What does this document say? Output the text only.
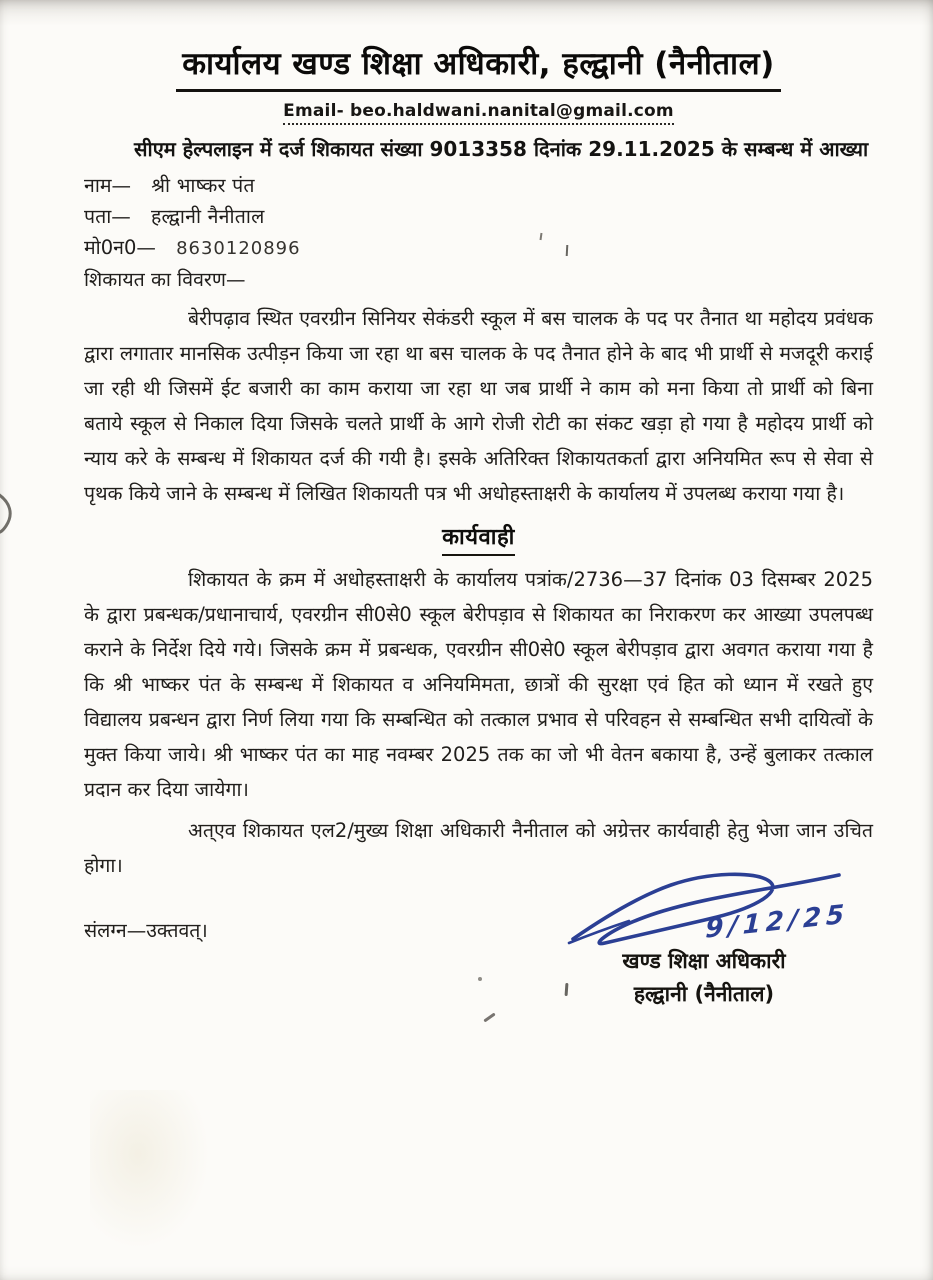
कार्यालय खण्ड शिक्षा अधिकारी, हल्द्वानी (नैनीताल)
Email- beo.haldwani.nanital@gmail.com
सीएम हेल्पलाइन में दर्ज शिकायत संख्या 9013358 दिनांक 29.11.2025 के सम्बन्ध में आख्या
नाम— श्री भाष्कर पंत
पता— हल्द्वानी नैनीताल
मो0न0— 8630120896
शिकायत का विवरण—

बेरीपढ़ाव स्थित एवरग्रीन सिनियर सेकंडरी स्कूल में बस चालक के पद पर तैनात था महोदय प्रवंधक द्वारा लगातार मानसिक उत्पीड़न किया जा रहा था बस चालक के पद तैनात होने के बाद भी प्रार्थी से मजदूरी कराई जा रही थी जिसमें ईट बजारी का काम कराया जा रहा था जब प्रार्थी ने काम को मना किया तो प्रार्थी को बिना बताये स्कूल से निकाल दिया जिसके चलते प्रार्थी के आगे रोजी रोटी का संकट खड़ा हो गया है महोदय प्रार्थी को न्याय करे के सम्बन्ध में शिकायत दर्ज की गयी है। इसके अतिरिक्त शिकायतकर्ता द्वारा अनियमित रूप से सेवा से पृथक किये जाने के सम्बन्ध में लिखित शिकायती पत्र भी अधोहस्ताक्षरी के कार्यालय में उपलब्ध कराया गया है।

कार्यवाही

शिकायत के क्रम में अधोहस्ताक्षरी के कार्यालय पत्रांक/2736—37 दिनांक 03 दिसम्बर 2025 के द्वारा प्रबन्धक/प्रधानाचार्य, एवरग्रीन सी0से0 स्कूल बेरीपड़ाव से शिकायत का निराकरण कर आख्या उपलपब्ध कराने के निर्देश दिये गये। जिसके क्रम में प्रबन्धक, एवरग्रीन सी0से0 स्कूल बेरीपड़ाव द्वारा अवगत कराया गया है कि श्री भाष्कर पंत के सम्बन्ध में शिकायत व अनियमिमता, छात्रों की सुरक्षा एवं हित को ध्यान में रखते हुए विद्यालय प्रबन्धन द्वारा निर्ण लिया गया कि सम्बन्धित को तत्काल प्रभाव से परिवहन से सम्बन्धित सभी दायित्वों के मुक्त किया जाये। श्री भाष्कर पंत का माह नवम्बर 2025 तक का जो भी वेतन बकाया है, उन्हें बुलाकर तत्काल प्रदान कर दिया जायेगा।

अत्एव शिकायत एल2/मुख्य शिक्षा अधिकारी नैनीताल को अग्रेत्तर कार्यवाही हेतु भेजा जान उचित होगा।

संलग्न—उक्तवत्।	9/12/25
खण्ड शिक्षा अधिकारी
हल्द्वानी (नैनीताल)
